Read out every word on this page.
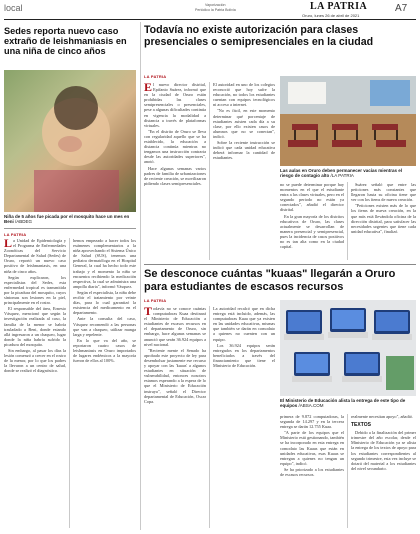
local	Vaporización
Periódico la Patria Bolivia	LA PATRIA
Oruro, lunes 26 de abril de 2021
A7
Sedes reporta nuevo caso extraño de leishmaniasis en una niña de cinco años
Niña de 5 años fue picada por el mosquito hace un mes en Beni /ABDEG
LA PATRIA

La Unidad de Epidemiología y el Programa de Enfermedades Zoonóticas del Servicio Departamental de Salud (Sedes) de Oruro, reportó un nuevo caso positivo de leishmaniasis, en una niña de cinco años.

Según explicaron, los especialistas del Sedes, esta enfermedad tropical es transmitida por la picadura del mosquito, cuyos síntomas son lesiones en la piel, principalmente en el rostro.

El responsable del área, Ernesto Vásquez, mencionó que según la investigación realizada al caso, la familia de la menor se habría trasladado a Beni, donde estando allá ingresaron a un chaqueo, lugar donde la niña habría sufrido la picadura del mosquito.

Sin embargo, al pasar los días la lesión comenzó a crecer en el rostro de la menor, por lo que los padres la llevaron a un centro de salud, donde se realizó el diagnóstico.

hemos empezado a hacer todos los exámenes complementarios a la niña aprovechando el Sistema Único de Salud (SUS), tenemos una pediatra dermatóloga en el Hospital General, la cual ha hecho todo este trabajo y el momento la niña se encuentra recibiendo la medicación respectiva, la cual se administra una ampolla diaria", informó Vásquez.

Según el especialista, la niña debe recibir el tratamiento por veinte días, para lo cual garantizó la existencia del medicamento en el departamento.

Ante la consulta del caso, Vásquez recomendó a las personas que van a chaqueo, utilizar manga larga y repelente.

En lo que va del año, se reportaron cuatro casos de leishmaniasis en Oruro importados de lugares endémicos a la mayoría fueron de ellos al 100%.

Todavía no existe autorización para clases presenciales o semipresenciales en la ciudad
LA PATRIA

El nuevo director distrital, Epifanio Suárez, informó que en la ciudad de Oruro están prohibidas las clases semipresenciales o presenciales, pese a algunas dificultades continúa en vigencia la modalidad a distancia a través de plataformas virtuales.

"En el distrito de Oruro se lleva con regularidad aquello que se ha establecido, la educación a distancia continúa mientras no tengamos una instrucción contraria desde las autoridades superiores", anotó.

Hace algunas semanas varios padres de familia de urbanizaciones de reciente creación, se movilizaron pidiendo clases semipresenciales.

El autoridad en uno de los colegios reconoció que hoy sufre la educación, no todos los estudiantes cuentan con equipos tecnológicos ni acceso a internet.

"No es fácil, en este momento determinar qué porcentaje de estudiantes asisten cada día a su clase, por ello existen casos de alumnos que no se conectan", indicó.

Sobre la reciente instrucción se indicó que cada unidad educativa deberá informar la cantidad de estudiantes.

Las aulas en Oruro deben permanecer vacías mientras el riesgo de contagio alto /LA PATRIA

no se puede determinar porque hay momentos en el que el estudiante entra a las clases virtuales, pero en el segundo periodo no están ya conectados", añadió el director distrital.

En la gran mayoría de los distritos educativos de Oruro, las clases actualmente se desarrollan de manera presencial y semipresencial, pues la incidencia de casos positivos no es tan alta como en la ciudad capital.

Suárez señaló que entre las peticiones más constantes que llegaron hasta su oficina tiene que ver con los ítems de nueva creación.

"Peticiones existen más de lo que los ítems de nueva creación, en la que más está llevándola oficina de la dirección distrital, para satisfacer las necesidades urgentes que tiene cada unidad educativa", finalizó.

Se desconoce cuántas "kuaas" llegarán a Oruro para estudiantes de escasos recursos
LA PATRIA

Todavía no se conoce cuántas computadoras Kuaa destinará el Ministerio de Educación a estudiantes de escasos recursos en el departamento de Oruro, sin embargo, hace algunas semanas se anunció que serán 36.924 equipos a nivel nacional.

"Reciente mente el Senado ha aprobado este proyecto de ley para desembolsar justamente ese recurso y apoyar con las 'kuaas' a algunos estudiantes en situación de vulnerabilidad, entonces nosotros estamos esperando a la espera de lo que el Ministerio de Educación instruya", señaló el Director departamental de Educación, Oscar Copa.

La autoridad recalcó que en dicha entrega está incluido, además, las computadoras Kuaa que ya existen en las unidades educativas, mismas que también se darán en comodato a quienes no cuenten con un equipo.

Los 36.924 equipos serán entregados en los departamentos beneficiados a través del financiamiento que tiene el Ministerio de Educación.

El Ministerio de Educación alista la entrega de este tipo de equipos /ABSA.COM

primera de 9.872 computadoras, la segunda de 14.297 y en la tercera entrega se darán 12.755 Kuaa.

"A parte de los equipos que el Ministerio está gestionando, también se ha incorporado en esta entrega en comodato las Kuaas que están en unidades educativas, esas Kuaas se entregan a quienes no tengan un equipo", indicó.

Se ha priorizado a los estudiantes de escasos recursos.

realmente necesitan apoyo", añadió.

TEXTOS

Debido a la finalización del primer trimestre del año escolar, desde el Ministerio de Educación ya se alista la entrega de los textos de apoyo para los estudiantes correspondientes al segundo trimestre, esta vez incluye se dotará del material a los estudiantes del nivel secundario.
